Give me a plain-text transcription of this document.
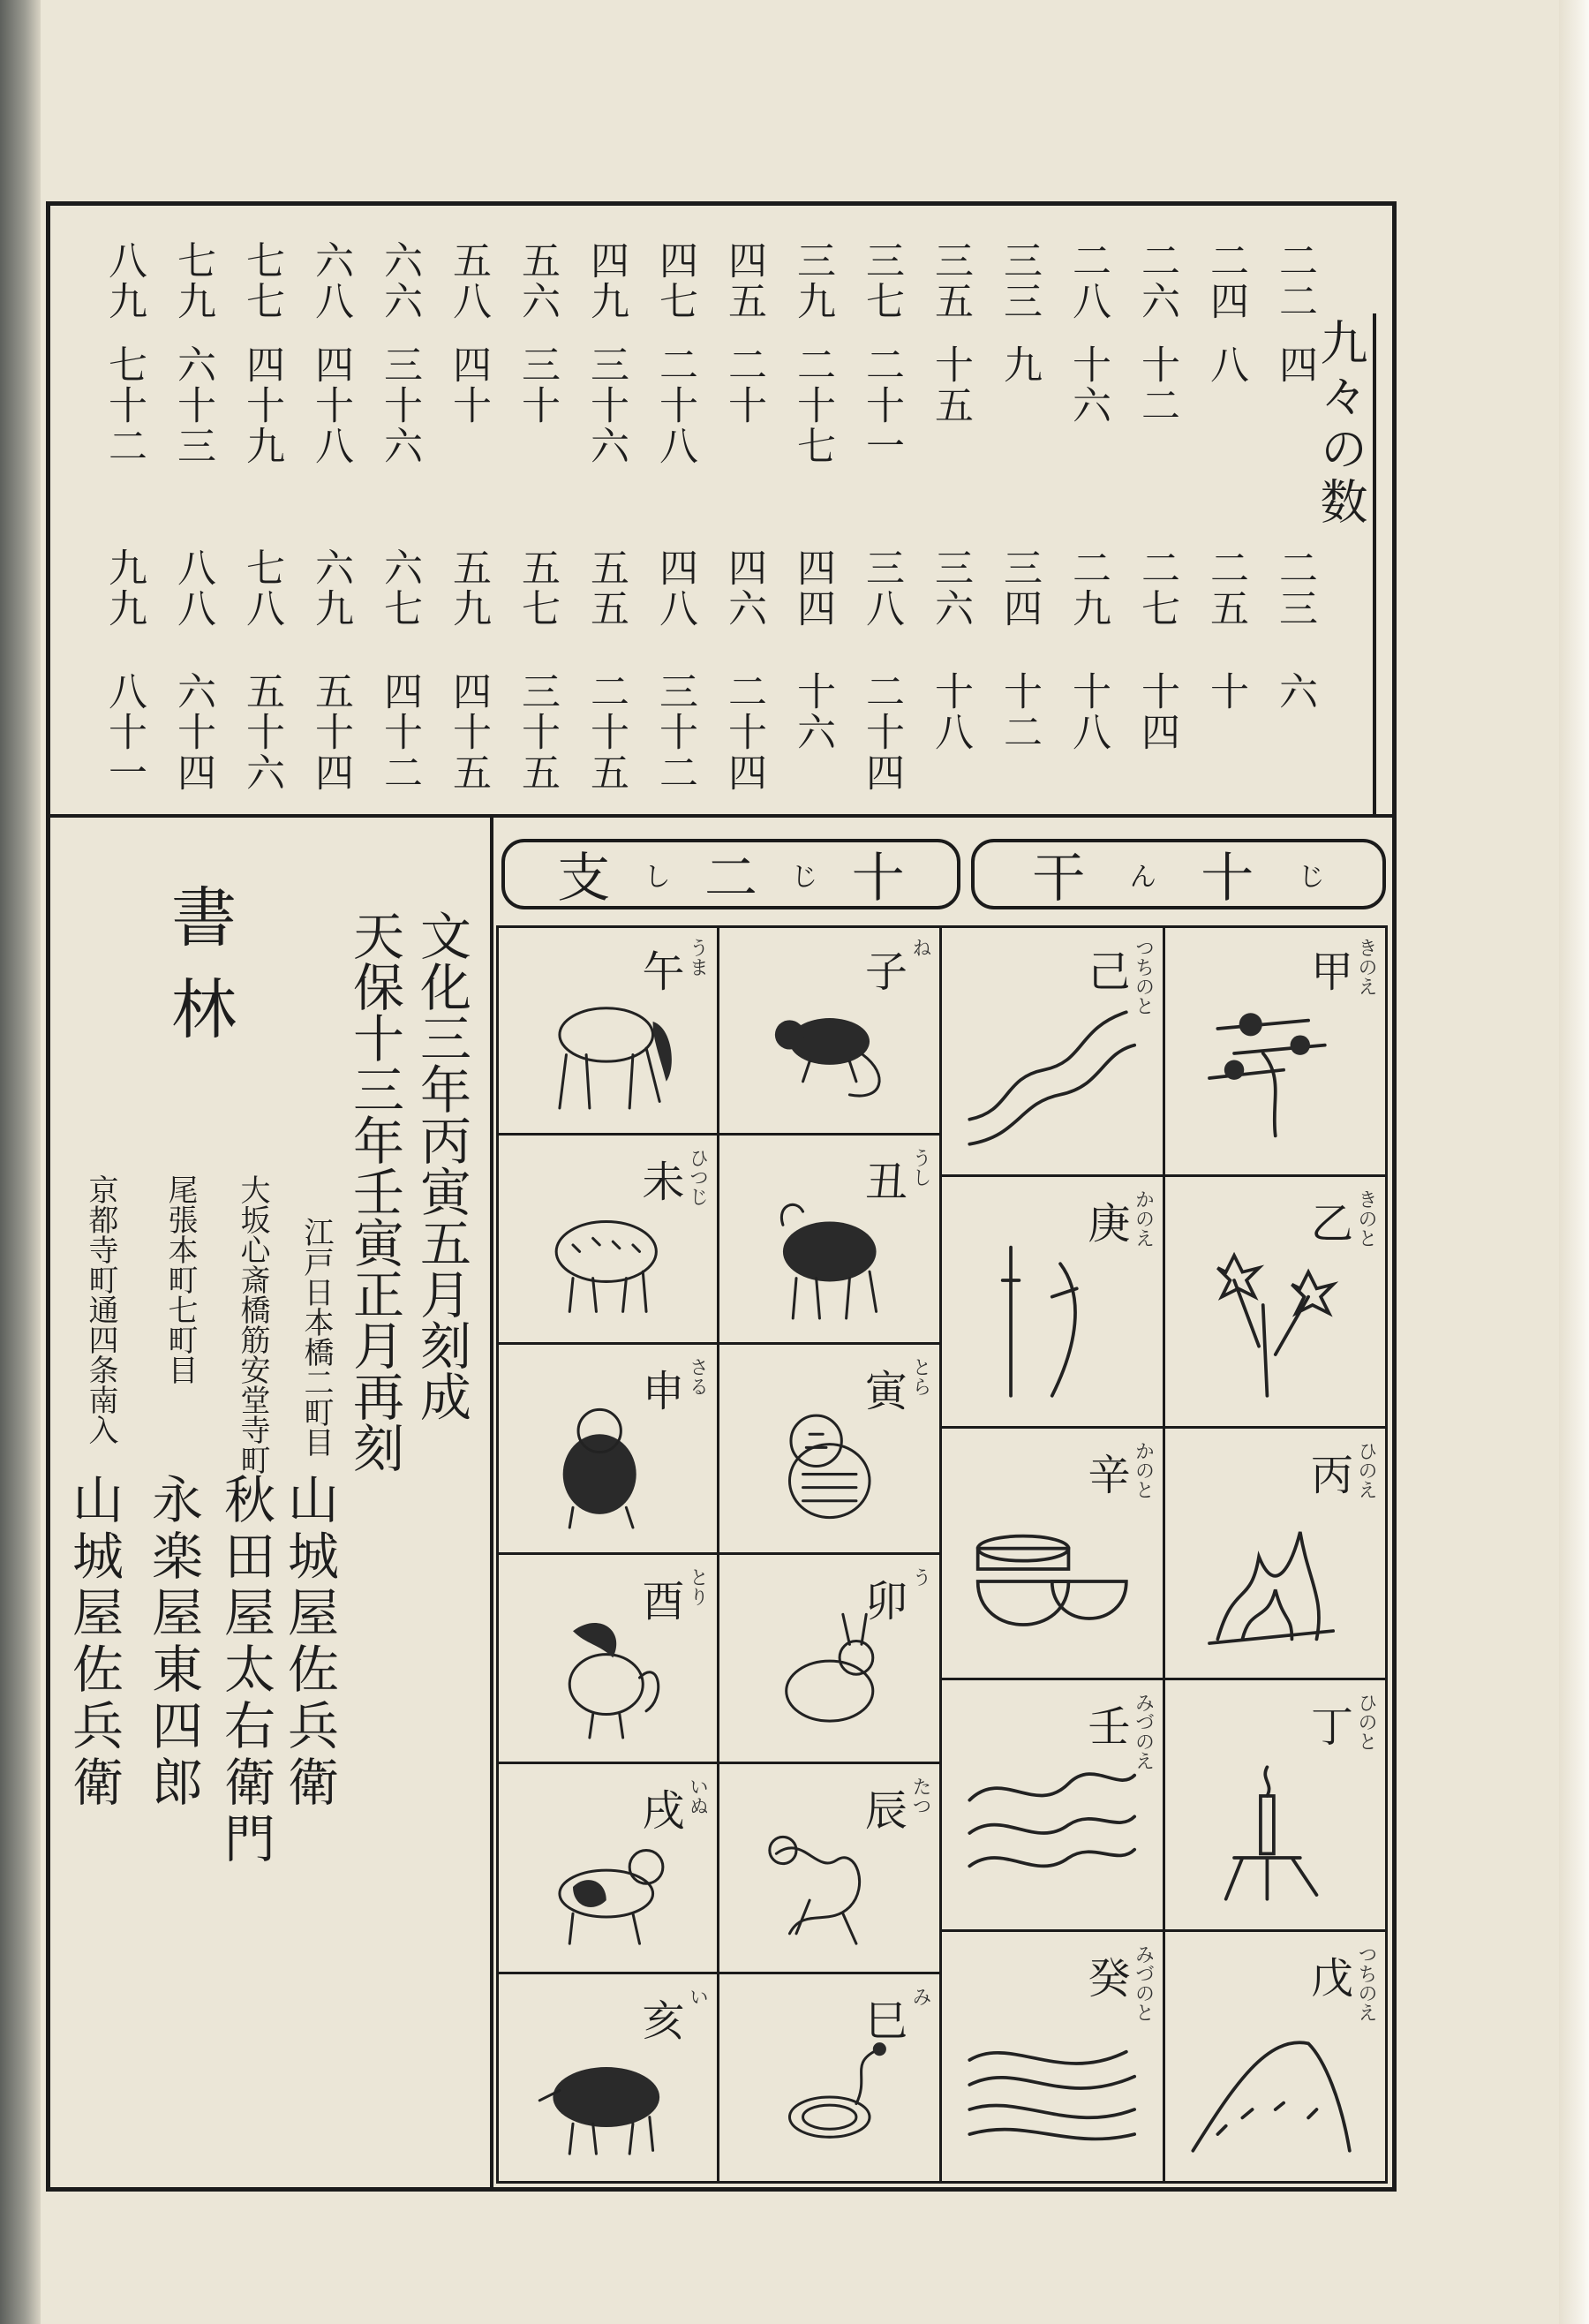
九々の数
二二
四
二三
六
二四
八
二五
十
二六
十二
二七
十四
二八
十六
二九
十八
三三
九
三四
十二
三五
十五
三六
十八
三七
二十一
三八
二十四
三九
二十七
四四
十六
四五
二十
四六
二十四
四七
二十八
四八
三十二
四九
三十六
五五
二十五
五六
三十
五七
三十五
五八
四十
五九
四十五
六六
三十六
六七
四十二
六八
四十八
六九
五十四
七七
四十九
七八
五十六
七九
六十三
八八
六十四
八九
七十二
九九
八十一
干 ん 十 じ
支 し 二 じ 十
子 ね
午 うま
丑 うし
未 ひつじ
寅 とら
申 さる
卯 う
酉 とり
辰 たつ
戌 いぬ
巳 み
亥 い
甲 きのえ
己 つちのと
乙 きのと
庚 かのえ
丙 ひのえ
辛 かのと
丁 ひのと
壬 みづのえ
戊 つちのえ
癸 みづのと
文化三年丙寅五月刻成
天保十三年壬寅正月再刻
書林
江戸日本橋二町目
山城屋佐兵衛
大坂心斎橋筋安堂寺町
秋田屋太右衛門
尾張本町七町目
永楽屋東四郎
京都寺町通四条南入
山城屋佐兵衛
